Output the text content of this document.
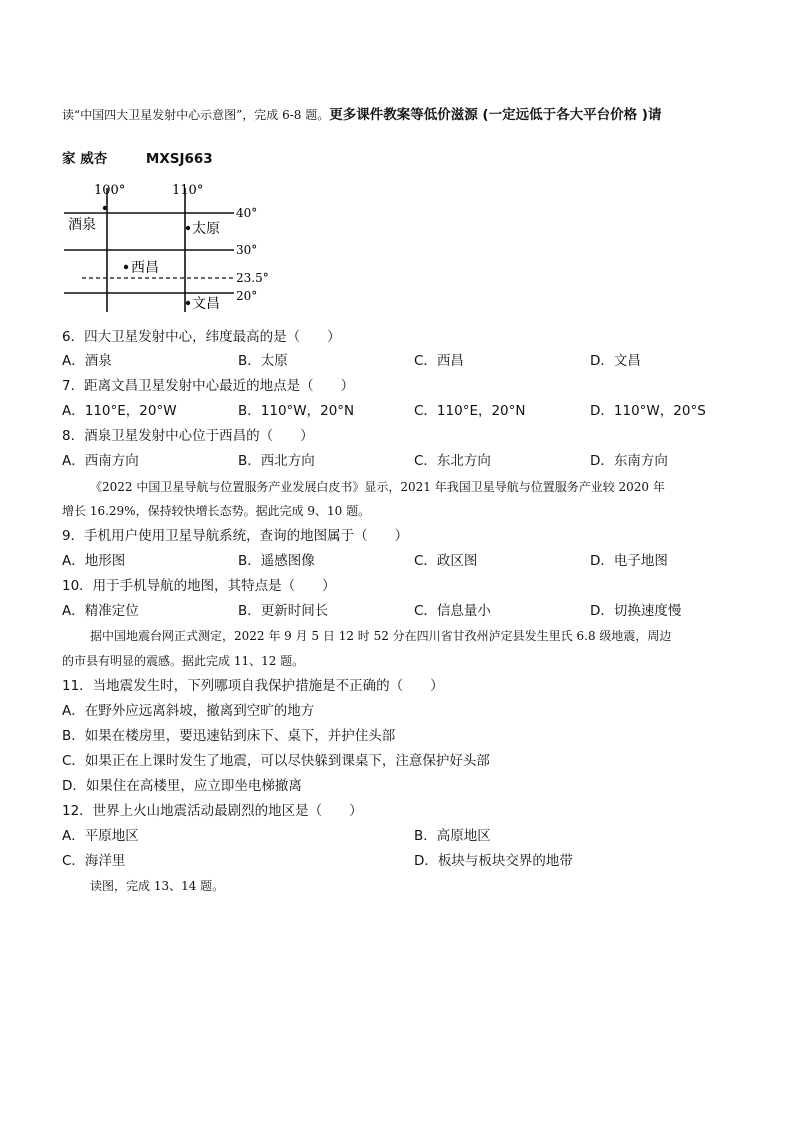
读“中国四大卫星发射中心示意图”，完成 6-8 题。更多课件教案等低价滋源 (一定远低于各大平台价格 )请
家 威杏	MXSJ663
100°	110°
40°
30°
23.5°
20°
酒泉	太原
西昌
文昌
6．四大卫星发射中心，纬度最高的是（　　）
A．酒泉	B．太原	C．西昌	D．文昌
7．距离文昌卫星发射中心最近的地点是（　　）
A．110°E，20°W	B．110°W，20°N	C．110°E，20°N	D．110°W，20°S
8．酒泉卫星发射中心位于西昌的（　　）
A．西南方向	B．西北方向	C．东北方向	D．东南方向
《2022 中国卫星导航与位置服务产业发展白皮书》显示，2021 年我国卫星导航与位置服务产业较 2020 年
增长 16.29%，保持较快增长态势。据此完成 9、10 题。
9．手机用户使用卫星导航系统，查询的地图属于（　　）
A．地形图	B．遥感图像	C．政区图	D．电子地图
10．用于手机导航的地图，其特点是（　　）
A．精准定位	B．更新时间长	C．信息量小	D．切换速度慢
据中国地震台网正式测定，2022 年 9 月 5 日 12 时 52 分在四川省甘孜州泸定县发生里氏 6.8 级地震，周边
的市县有明显的震感。据此完成 11、12 题。
11．当地震发生时，下列哪项自我保护措施是不正确的（　　）
A．在野外应远离斜坡，撤离到空旷的地方
B．如果在楼房里，要迅速钻到床下、桌下，并护住头部
C．如果正在上课时发生了地震，可以尽快躲到课桌下，注意保护好头部
D．如果住在高楼里，应立即坐电梯撤离
12．世界上火山地震活动最剧烈的地区是（　　）
A．平原地区	B．高原地区
C．海洋里	D．板块与板块交界的地带
读图，完成 13、14 题。
